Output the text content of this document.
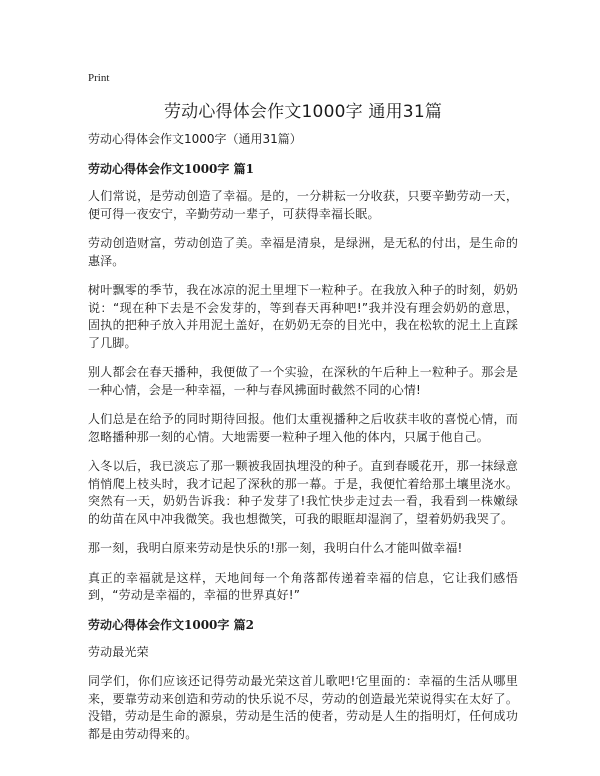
Print
劳动心得体会作文1000字 通用31篇

劳动心得体会作文1000字（通用31篇）

劳动心得体会作文1000字 篇1

人们常说，是劳动创造了幸福。是的，一分耕耘一分收获，只要辛勤劳动一天，便可得一夜安宁，辛勤劳动一辈子，可获得幸福长眠。

劳动创造财富，劳动创造了美。幸福是清泉，是绿洲，是无私的付出，是生命的惠泽。

树叶飘零的季节，我在冰凉的泥土里埋下一粒种子。在我放入种子的时刻，奶奶说：“现在种下去是不会发芽的，等到春天再种吧!”我并没有理会奶奶的意思，固执的把种子放入并用泥土盖好，在奶奶无奈的目光中，我在松软的泥土上直踩了几脚。

别人都会在春天播种，我便做了一个实验，在深秋的午后种上一粒种子。那会是一种心情，会是一种幸福，一种与春风拂面时截然不同的心情!

人们总是在给予的同时期待回报。他们太重视播种之后收获丰收的喜悦心情，而忽略播种那一刻的心情。大地需要一粒种子埋入他的体内，只属于他自己。

入冬以后，我已淡忘了那一颗被我固执埋没的种子。直到春暖花开，那一抹绿意悄悄爬上枝头时，我才记起了深秋的那一幕。于是，我便忙着给那土壤里浇水。突然有一天，奶奶告诉我：种子发芽了!我忙快步走过去一看，我看到一株嫩绿的幼苗在风中冲我微笑。我也想微笑，可我的眼眶却湿润了，望着奶奶我哭了。

那一刻，我明白原来劳动是快乐的!那一刻，我明白什么才能叫做幸福!

真正的幸福就是这样，天地间每一个角落都传递着幸福的信息，它让我们感悟到，“劳动是幸福的，幸福的世界真好!”

劳动心得体会作文1000字 篇2

劳动最光荣

同学们，你们应该还记得劳动最光荣这首儿歌吧!它里面的：幸福的生活从哪里来，要靠劳动来创造和劳动的快乐说不尽，劳动的创造最光荣说得实在太好了。没错，劳动是生命的源泉，劳动是生活的使者，劳动是人生的指明灯，任何成功都是由劳动得来的。
